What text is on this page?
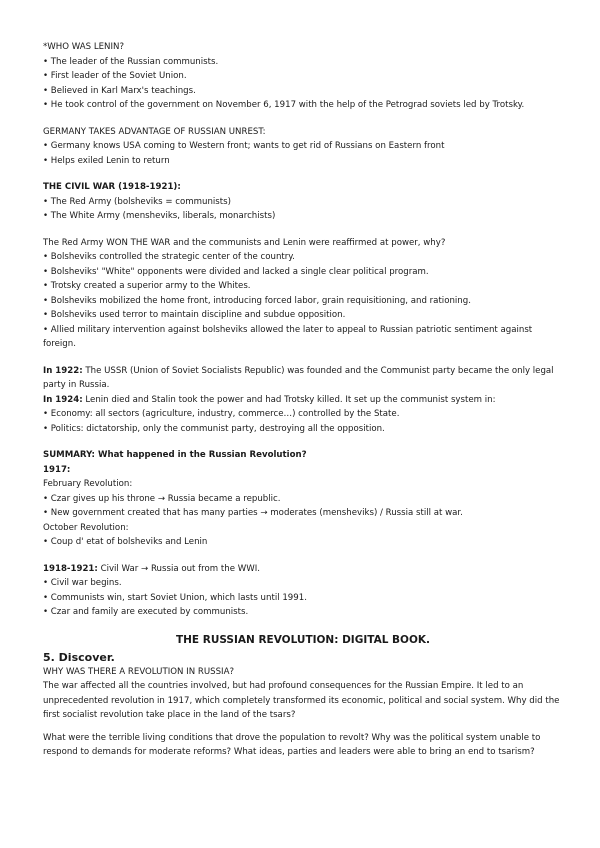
*WHO WAS LENIN?
• The leader of the Russian communists.
• First leader of the Soviet Union.
• Believed in Karl Marx's teachings.
• He took control of the government on November 6, 1917 with the help of the Petrograd soviets led by Trotsky.
GERMANY TAKES ADVANTAGE OF RUSSIAN UNREST:
• Germany knows USA coming to Western front; wants to get rid of Russians on Eastern front
• Helps exiled Lenin to return
THE CIVIL WAR (1918-1921):
• The Red Army (bolsheviks = communists)
• The White Army (mensheviks, liberals, monarchists)
The Red Army WON THE WAR and the communists and Lenin were reaffirmed at power, why?
• Bolsheviks controlled the strategic center of the country.
• Bolsheviks' "White" opponents were divided and lacked a single clear political program.
• Trotsky created a superior army to the Whites.
• Bolsheviks mobilized the home front, introducing forced labor, grain requisitioning, and rationing.
• Bolsheviks used terror to maintain discipline and subdue opposition.
• Allied military intervention against bolsheviks allowed the later to appeal to Russian patriotic sentiment against foreign.
In 1922: The USSR (Union of Soviet Socialists Republic) was founded and the Communist party became the only legal party in Russia.
In 1924: Lenin died and Stalin took the power and had Trotsky killed. It set up the communist system in:
• Economy: all sectors (agriculture, industry, commerce…) controlled by the State.
• Politics: dictatorship, only the communist party, destroying all the opposition.
SUMMARY: What happened in the Russian Revolution?
1917:
February Revolution:
• Czar gives up his throne → Russia became a republic.
• New government created that has many parties → moderates (mensheviks) / Russia still at war.
October Revolution:
• Coup d' etat of bolsheviks and Lenin
1918-1921: Civil War → Russia out from the WWI.
• Civil war begins.
• Communists win, start Soviet Union, which lasts until 1991.
• Czar and family are executed by communists.
THE RUSSIAN REVOLUTION: DIGITAL BOOK.
5. Discover.
WHY WAS THERE A REVOLUTION IN RUSSIA?
The war affected all the countries involved, but had profound consequences for the Russian Empire. It led to an unprecedented revolution in 1917, which completely transformed its economic, political and social system. Why did the first socialist revolution take place in the land of the tsars?
What were the terrible living conditions that drove the population to revolt? Why was the political system unable to respond to demands for moderate reforms? What ideas, parties and leaders were able to bring an end to tsarism?
